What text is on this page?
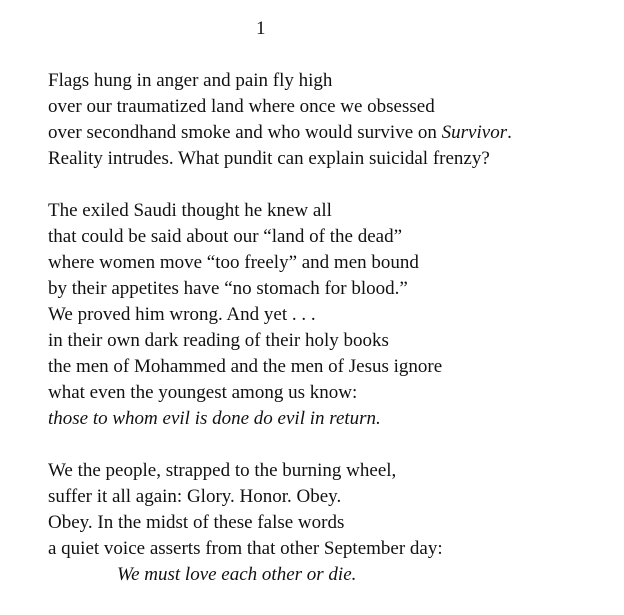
1
Flags hung in anger and pain fly high
over our traumatized land where once we obsessed
over secondhand smoke and who would survive on Survivor.
Reality intrudes. What pundit can explain suicidal frenzy?
The exiled Saudi thought he knew all
that could be said about our “land of the dead”
where women move “too freely” and men bound
by their appetites have “no stomach for blood.”
We proved him wrong. And yet . . .
in their own dark reading of their holy books
the men of Mohammed and the men of Jesus ignore
what even the youngest among us know:
those to whom evil is done do evil in return.
We the people, strapped to the burning wheel,
suffer it all again: Glory. Honor. Obey.
Obey. In the midst of these false words
a quiet voice asserts from that other September day:
We must love each other or die.
